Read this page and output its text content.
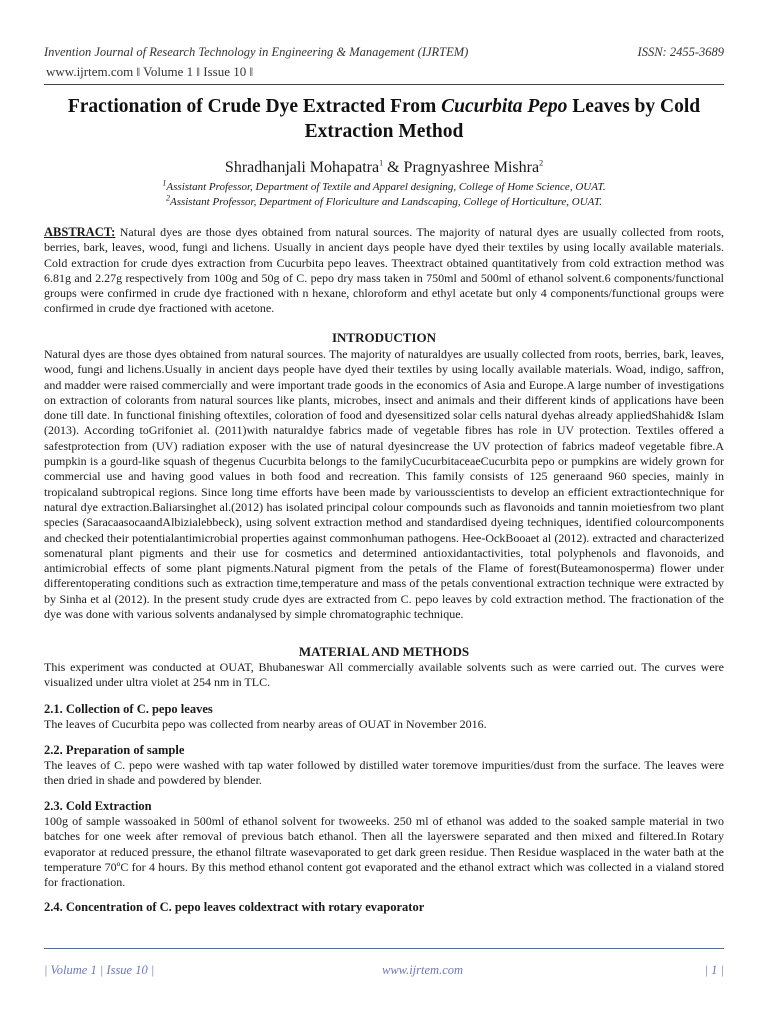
Invention Journal of Research Technology in Engineering & Management (IJRTEM)	ISSN: 2455-3689
www.ijrtem.com ǁ Volume 1 ǁ Issue 10 ǁ
Fractionation of Crude Dye Extracted From Cucurbita Pepo Leaves by Cold
Extraction Method
Shradhanjali Mohapatra$^1$ & Pragnyashree Mishra$^2$
$^1$Assistant Professor, Department of Textile and Apparel designing, College of Home Science, OUAT.
$^2$Assistant Professor, Department of Floriculture and Landscaping, College of Horticulture, OUAT.
ABSTRACT: Natural dyes are those dyes obtained from natural sources. The majority of natural dyes are usually collected from roots, berries, bark, leaves, wood, fungi and lichens. Usually in ancient days people have dyed their textiles by using locally available materials. Cold extraction for crude dyes extraction from Cucurbita pepo leaves. Theextract obtained quantitatively from cold extraction method was 6.81g and 2.27g respectively from 100g and 50g of C. pepo dry mass taken in 750ml and 500ml of ethanol solvent.6 components/functional groups were confirmed in crude dye fractioned with n hexane, chloroform and ethyl acetate but only 4 components/functional groups were confirmed in crude dye fractioned with acetone.
INTRODUCTION
Natural dyes are those dyes obtained from natural sources. The majority of naturaldyes are usually collected from roots, berries, bark, leaves, wood, fungi and lichens.Usually in ancient days people have dyed their textiles by using locally available materials. Woad, indigo, saffron, and madder were raised commercially and were important trade goods in the economics of Asia and Europe.A large number of investigations on extraction of colorants from natural sources like plants, microbes, insect and animals and their different kinds of applications have been done till date. In functional finishing oftextiles, coloration of food and dyesensitized solar cells natural dyehas already appliedShahid& Islam (2013). According toGrifoniet al. (2011)with naturaldye fabrics made of vegetable fibres has role in UV protection. Textiles offered a safestprotection from (UV) radiation exposer with the use of natural dyesincrease the UV protection of fabrics madeof vegetable fibre.A pumpkin is a gourd-like squash of thegenus Cucurbita belongs to the familyCucurbitaceaeCucurbita pepo or pumpkins are widely grown for commercial use and having good values in both food and recreation. This family consists of 125 generaand 960 species, mainly in tropicaland subtropical regions. Since long time efforts have been made by variousscientists to develop an efficient extractiontechnique for natural dye extraction.Baliarsinghet al.(2012) has isolated principal colour compounds such as flavonoids and tannin moietiesfrom two plant species (SaracaasocaandAlbizialebbeck), using solvent extraction method and standardised dyeing techniques, identified colourcomponents and checked their potentialantimicrobial properties against commonhuman pathogens. Hee-OckBooaet al (2012). extracted and characterized somenatural plant pigments and their use for cosmetics and determined antioxidantactivities, total polyphenols and flavonoids, and antimicrobial effects of some plant pigments.Natural pigment from the petals of the Flame of forest(Buteamonosperma) flower under differentoperating conditions such as extraction time,temperature and mass of the petals conventional extraction technique were extracted by by Sinha et al (2012). In the present study crude dyes are extracted from C. pepo leaves by cold extraction method. The fractionation of the dye was done with various solvents andanalysed by simple chromatographic technique.
MATERIAL AND METHODS
This experiment was conducted at OUAT, Bhubaneswar All commercially available solvents such as were carried out. The curves were visualized under ultra violet at 254 nm in TLC.
2.1. Collection of C. pepo leaves
The leaves of Cucurbita pepo was collected from nearby areas of OUAT in November 2016.
2.2. Preparation of sample
The leaves of C. pepo were washed with tap water followed by distilled water toremove impurities/dust from the surface. The leaves were then dried in shade and powdered by blender.
2.3. Cold Extraction
100g of sample wassoaked in 500ml of ethanol solvent for twoweeks. 250 ml of ethanol was added to the soaked sample material in two batches for one week after removal of previous batch ethanol. Then all the layerswere separated and then mixed and filtered.In Rotary evaporator at reduced pressure, the ethanol filtrate wasevaporated to get dark green residue. Then Residue wasplaced in the water bath at the temperature 70ºC for 4 hours. By this method ethanol content got evaporated and the ethanol extract which was collected in a vialand stored for fractionation.
2.4. Concentration of C. pepo leaves coldextract with rotary evaporator
| Volume 1 | Issue 10 |	www.ijrtem.com	| 1 |
